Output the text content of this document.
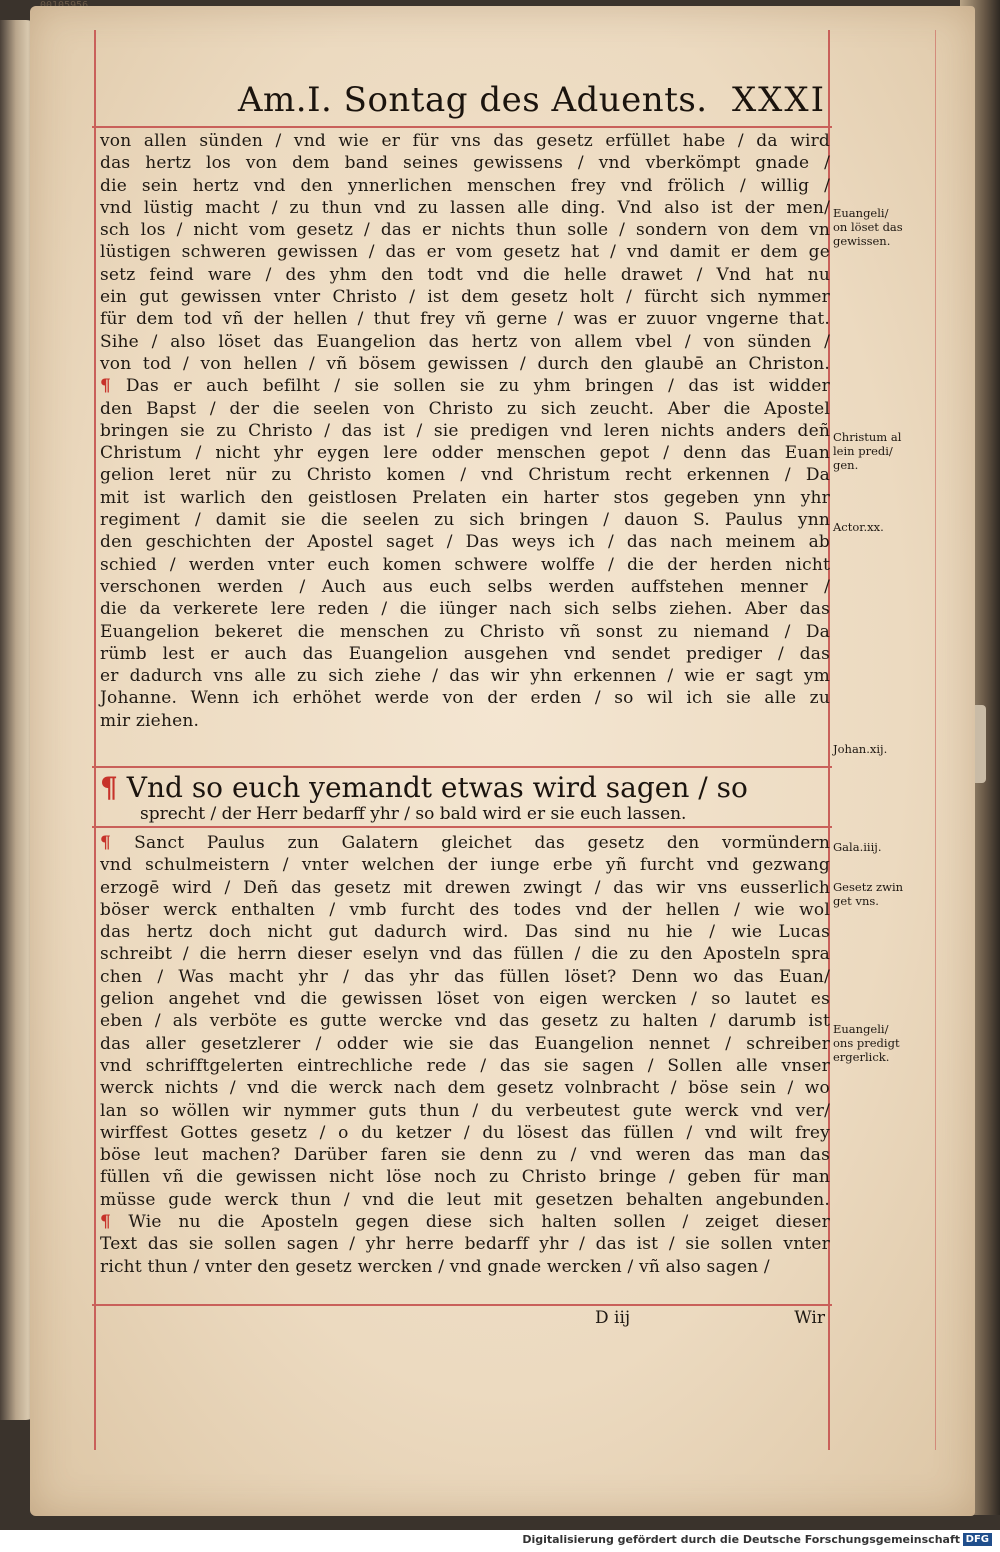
Am.I. Sontag des Aduents. XXXI

von allen sünden / vnd wie er für vns das gesetz erfüllet habe / da wird

das hertz los von dem band seines gewissens / vnd vberkömpt gnade /

die sein hertz vnd den ynnerlichen menschen frey vnd frölich / willig /

vnd lüstig macht / zu thun vnd zu lassen alle ding. Vnd also ist der men/

sch los / nicht vom gesetz / das er nichts thun solle / sondern von dem vn

lüstigen schweren gewissen / das er vom gesetz hat / vnd damit er dem ge

setz feind ware / des yhm den todt vnd die helle drawet / Vnd hat nu

ein gut gewissen vnter Christo / ist dem gesetz holt / fürcht sich nymmer

für dem tod vñ der hellen / thut frey vñ gerne / was er zuuor vngerne that.

Sihe / also löset das Euangelion das hertz von allem vbel / von sünden /

von tod / von hellen / vñ bösem gewissen / durch den glaubē an Christon.

¶ Das er auch befilht / sie sollen sie zu yhm bringen / das ist widder

den Bapst / der die seelen von Christo zu sich zeucht. Aber die Apostel

bringen sie zu Christo / das ist / sie predigen vnd leren nichts anders deñ

Christum / nicht yhr eygen lere odder menschen gepot / denn das Euan

gelion leret nür zu Christo komen / vnd Christum recht erkennen / Da

mit ist warlich den geistlosen Prelaten ein harter stos gegeben ynn yhr

regiment / damit sie die seelen zu sich bringen / dauon S. Paulus ynn

den geschichten der Apostel saget / Das weys ich / das nach meinem ab

schied / werden vnter euch komen schwere wolffe / die der herden nicht

verschonen werden / Auch aus euch selbs werden auffstehen menner /

die da verkerete lere reden / die iünger nach sich selbs ziehen. Aber das

Euangelion bekeret die menschen zu Christo vñ sonst zu niemand / Da

rümb lest er auch das Euangelion ausgehen vnd sendet prediger / das

er dadurch vns alle zu sich ziehe / das wir yhn erkennen / wie er sagt ym

Johanne. Wenn ich erhöhet werde von der erden / so wil ich sie alle zu

mir ziehen.

¶ Vnd so euch yemandt etwas wird sagen / so
sprecht / der Herr bedarff yhr / so bald wird er sie euch lassen.

¶ Sanct Paulus zun Galatern gleichet das gesetz den vormündern

vnd schulmeistern / vnter welchen der iunge erbe yñ furcht vnd gezwang

erzogē wird / Deñ das gesetz mit drewen zwingt / das wir vns eusserlich

böser werck enthalten / vmb furcht des todes vnd der hellen / wie wol

das hertz doch nicht gut dadurch wird. Das sind nu hie / wie Lucas

schreibt / die herrn dieser eselyn vnd das füllen / die zu den Aposteln spra

chen / Was macht yhr / das yhr das füllen löset? Denn wo das Euan/

gelion angehet vnd die gewissen löset von eigen wercken / so lautet es

eben / als verböte es gutte wercke vnd das gesetz zu halten / darumb ist

das aller gesetzlerer / odder wie sie das Euangelion nennet / schreiber

vnd schrifftgelerten eintrechliche rede / das sie sagen / Sollen alle vnser

werck nichts / vnd die werck nach dem gesetz volnbracht / böse sein / wo

lan so wöllen wir nymmer guts thun / du verbeutest gute werck vnd ver/

wirffest Gottes gesetz / o du ketzer / du lösest das füllen / vnd wilt frey

böse leut machen? Darüber faren sie denn zu / vnd weren das man das

füllen vñ die gewissen nicht löse noch zu Christo bringe / geben für man

müsse gude werck thun / vnd die leut mit gesetzen behalten angebunden.

¶ Wie nu die Aposteln gegen diese sich halten sollen / zeiget dieser

Text das sie sollen sagen / yhr herre bedarff yhr / das ist / sie sollen vnter

richt thun / vnter den gesetz wercken / vnd gnade wercken / vñ also sagen /

Euangeli/
on löset das
gewissen.
Christum al
lein predi/
gen.
Actor.xx.
Johan.xij.
Gala.iiij.
Gesetz zwin
get vns.
Euangeli/
ons predigt
ergerlick.
D iij	Wir
Digitalisierung gefördert durch die Deutsche Forschungsgemeinschaft DFG
